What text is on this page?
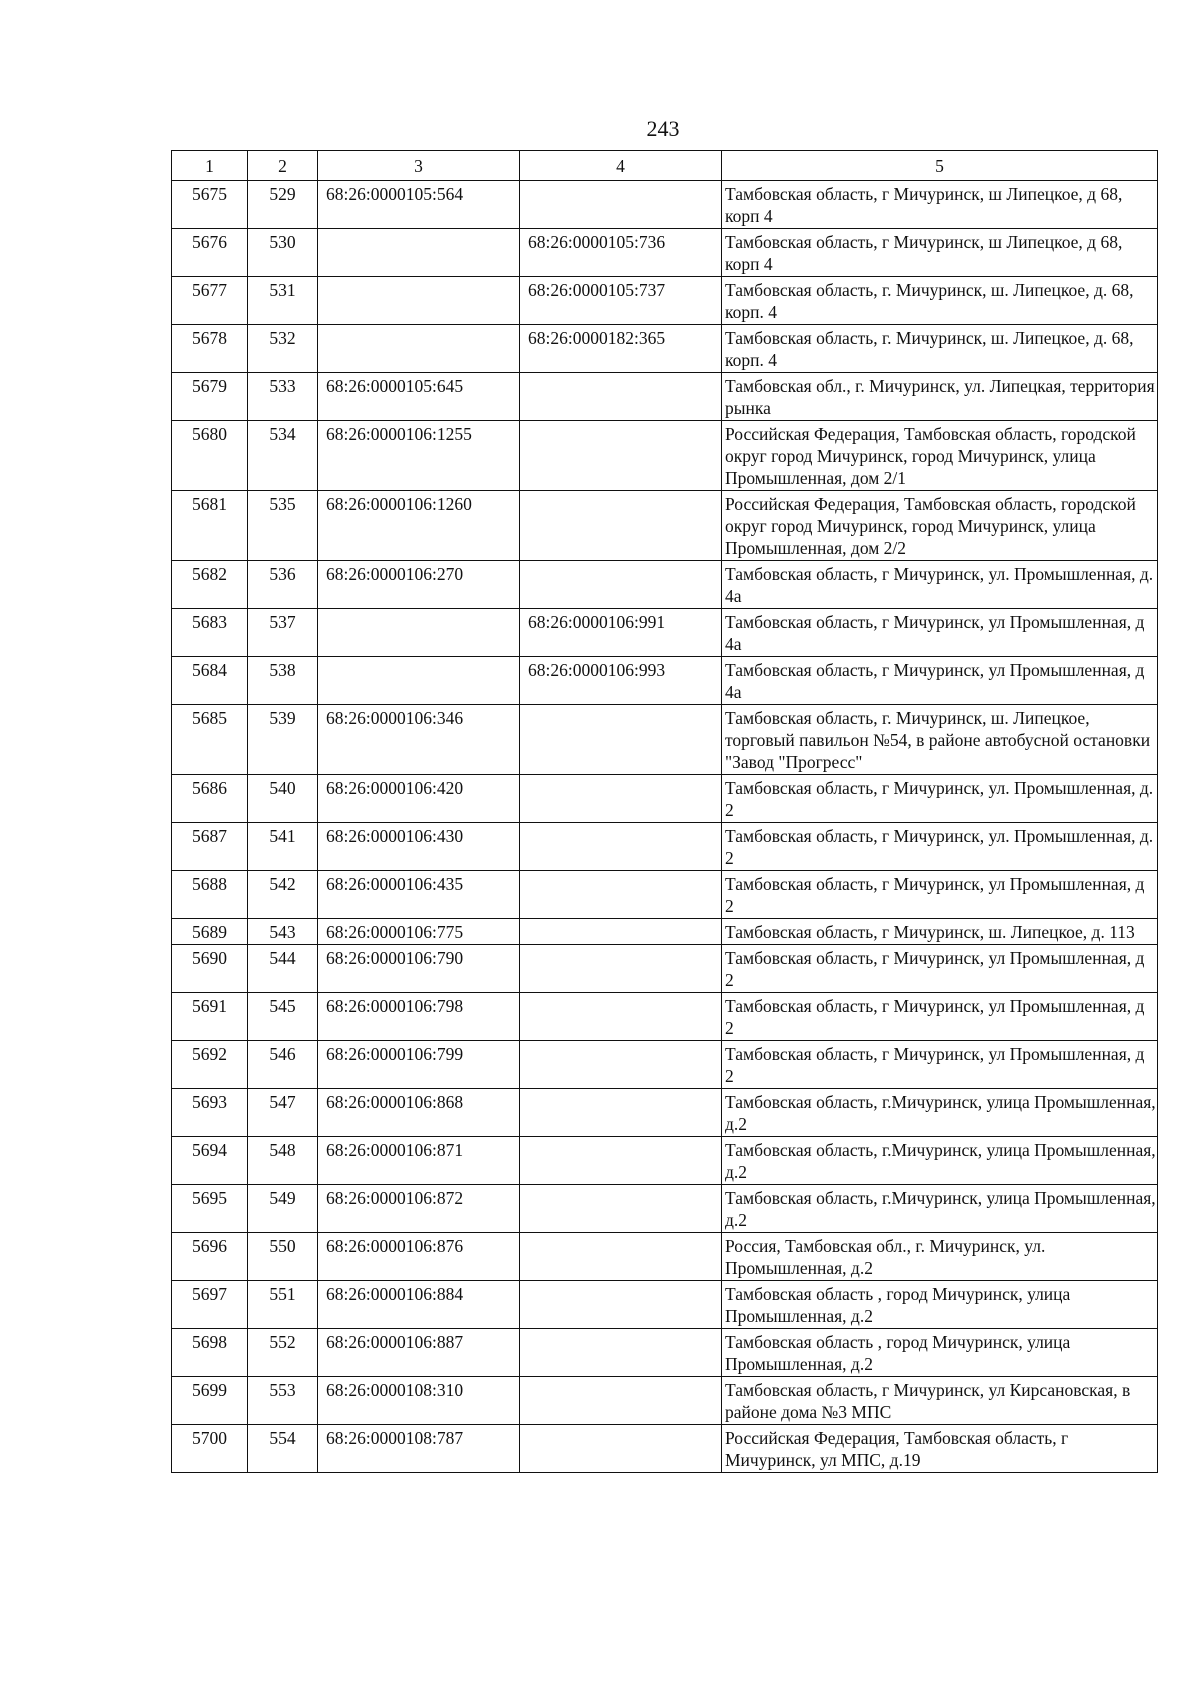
243
1	2	3	4	5
5675	529	68:26:0000105:564		Тамбовская область, г Мичуринск, ш Липецкое, д 68, корп 4
5676	530		68:26:0000105:736	Тамбовская область, г Мичуринск, ш Липецкое, д 68, корп 4
5677	531		68:26:0000105:737	Тамбовская область, г. Мичуринск, ш. Липецкое, д. 68, корп. 4
5678	532		68:26:0000182:365	Тамбовская область, г. Мичуринск, ш. Липецкое, д. 68, корп. 4
5679	533	68:26:0000105:645		Тамбовская обл., г. Мичуринск, ул. Липецкая, территория рынка
5680	534	68:26:0000106:1255		Российская Федерация, Тамбовская область, городской округ город Мичуринск, город Мичуринск, улица Промышленная, дом 2/1
5681	535	68:26:0000106:1260		Российская Федерация, Тамбовская область, городской округ город Мичуринск, город Мичуринск, улица Промышленная, дом 2/2
5682	536	68:26:0000106:270		Тамбовская область, г Мичуринск, ул. Промышленная, д. 4а
5683	537		68:26:0000106:991	Тамбовская область, г Мичуринск, ул Промышленная, д 4а
5684	538		68:26:0000106:993	Тамбовская область, г Мичуринск, ул Промышленная, д 4а
5685	539	68:26:0000106:346		Тамбовская область, г. Мичуринск, ш. Липецкое, торговый павильон №54, в районе автобусной остановки "Завод "Прогресс"
5686	540	68:26:0000106:420		Тамбовская область, г Мичуринск, ул. Промышленная, д. 2
5687	541	68:26:0000106:430		Тамбовская область, г Мичуринск, ул. Промышленная, д. 2
5688	542	68:26:0000106:435		Тамбовская область, г Мичуринск, ул Промышленная, д 2
5689	543	68:26:0000106:775		Тамбовская область, г Мичуринск, ш. Липецкое, д. 113
5690	544	68:26:0000106:790		Тамбовская область, г Мичуринск, ул Промышленная, д 2
5691	545	68:26:0000106:798		Тамбовская область, г Мичуринск, ул Промышленная, д 2
5692	546	68:26:0000106:799		Тамбовская область, г Мичуринск, ул Промышленная, д 2
5693	547	68:26:0000106:868		Тамбовская область, г.Мичуринск, улица Промышленная, д.2
5694	548	68:26:0000106:871		Тамбовская область, г.Мичуринск, улица Промышленная, д.2
5695	549	68:26:0000106:872		Тамбовская область, г.Мичуринск, улица Промышленная, д.2
5696	550	68:26:0000106:876		Россия, Тамбовская обл., г. Мичуринск, ул. Промышленная, д.2
5697	551	68:26:0000106:884		Тамбовская область , город Мичуринск, улица Промышленная, д.2
5698	552	68:26:0000106:887		Тамбовская область , город Мичуринск, улица Промышленная, д.2
5699	553	68:26:0000108:310		Тамбовская область, г Мичуринск, ул Кирсановская, в районе дома №3 МПС
5700	554	68:26:0000108:787		Российская Федерация, Тамбовская область, г Мичуринск, ул МПС, д.19
